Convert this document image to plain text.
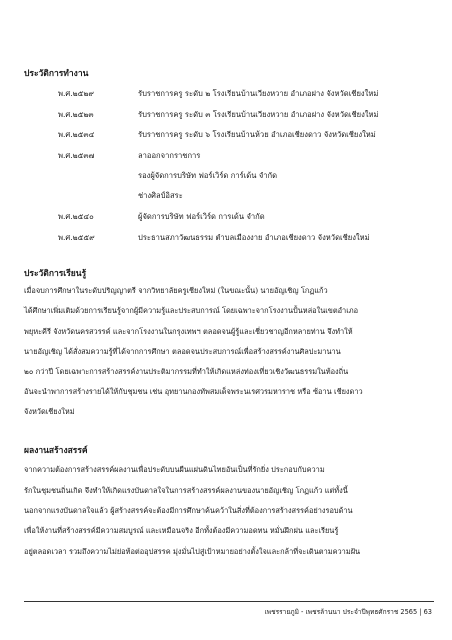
ประวัติการทำงาน
พ.ศ.๒๕๒๙	รับราชการครู ระดับ ๒ โรงเรียนบ้านเวียงหวาย อำเภอฝาง จังหวัดเชียงใหม่
พ.ศ.๒๕๒๓	รับราชการครู ระดับ ๓ โรงเรียนบ้านเวียงหวาย อำเภอฝาง จังหวัดเชียงใหม่
พ.ศ.๒๕๓๔	รับราชการครู ระดับ ๖ โรงเรียนบ้านห้วย อำเภอเชียงดาว จังหวัดเชียงใหม่
พ.ศ.๒๕๓๗	ลาออกจากราชการ
รองผู้จัดการบริษัท ฟอร์เวิร์ด การ์เด้น จำกัด
ช่างศิลป์อิสระ
พ.ศ.๒๕๔๐	ผู้จัดการบริษัท ฟอร์เวิร์ด การเด้น จำกัด
พ.ศ.๒๕๕๙	ประธานสภาวัฒนธรรม ตำบลเมืองงาย อำเภอเชียงดาว จังหวัดเชียงใหม่
ประวัติการเรียนรู้
เมื่อจบการศึกษาในระดับปริญญาตรี จากวิทยาลัยครูเชียงใหม่ (ในขณะนั้น) นายอัญเชิญ โกฏแก้ว
ได้ศึกษาเพิ่มเติมด้วยการเรียนรู้จากผู้มีความรู้และประสบการณ์ โดยเฉพาะจากโรงงานปั้นหล่อในเขตอำเภอ
พยุหะคีรี จังหวัดนครสวรรค์ และจากโรงงานในกรุงเทพฯ ตลอดจนผู้รู้และเชี่ยวชาญอีกหลายท่าน จึงทำให้
นายอัญเชิญ ได้สั่งสมความรู้ที่ได้จากการศึกษา ตลอดจนประสบการณ์เพื่อสร้างสรรค์งานศิลปะมานาน
๒๐ กว่าปี โดยเฉพาะการสร้างสรรค์งานประติมากรรมที่ทำให้เกิดแหล่งท่องเที่ยวเชิงวัฒนธรรมในท้องถิ่น
อันจะนำพาการสร้างรายได้ให้กับชุมชน เช่น อุทยานกองทัพสมเด็จพระนเรศวรมหาราช หรือ ซ้อาน เชียงดาว
จังหวัดเชียงใหม่
ผลงานสร้างสรรค์
จากความต้องการสร้างสรรค์ผลงานเพื่อประดับบนผืนแผ่นดินไทยอันเป็นที่รักยิ่ง ประกอบกับความ
รักในชุมชนถิ่นเกิด จึงทำให้เกิดแรงบันดาลใจในการสร้างสรรค์ผลงานของนายอัญเชิญ โกฏแก้ว แต่ทั้งนี้
นอกจากแรงบันดาลใจแล้ว ผู้สร้างสรรค์จะต้องมีการศึกษาค้นคว้าในสิ่งที่ต้องการสร้างสรรค์อย่างรอบด้าน
เพื่อให้งานที่สร้างสรรค์มีความสมบูรณ์ และเหมือนจริง อีกทั้งต้องมีความอดทน หมั่นฝึกฝน และเรียนรู้
อยู่ตลอดเวลา รวมถึงความไม่ย่อท้อต่ออุปสรรค มุ่งมั่นไปสู่เป้าหมายอย่างตั้งใจและกล้าที่จะเดินตามความฝัน
เพชรรายภูมิ - เพชรล้านนา ประจำปีพุทธศักราช 2565 | 63
